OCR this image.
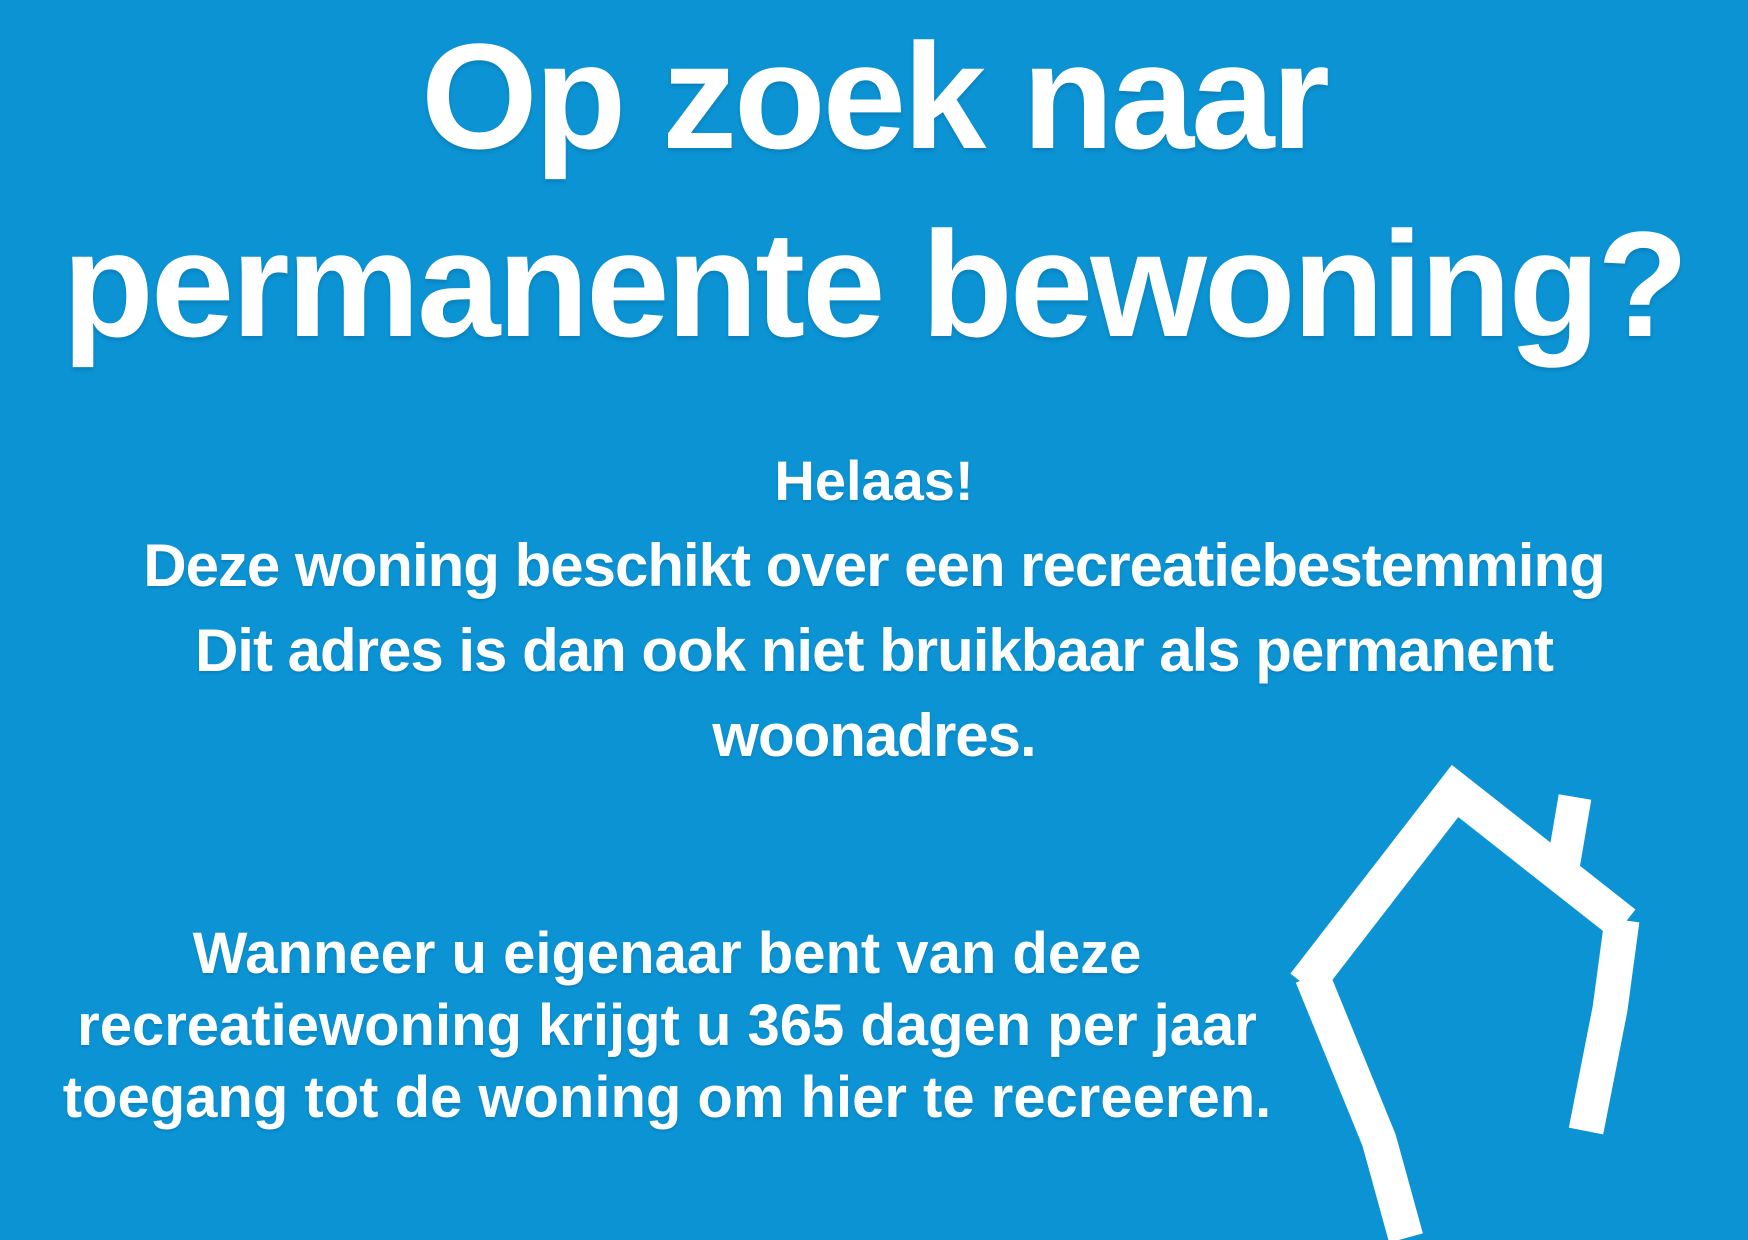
Op zoek naar
permanente bewoning?
Helaas!
Deze woning beschikt over een recreatiebestemming
Dit adres is dan ook niet bruikbaar als permanent
woonadres.
Wanneer u eigenaar bent van deze
recreatiewoning krijgt u 365 dagen per jaar
toegang tot de woning om hier te recreeren.
